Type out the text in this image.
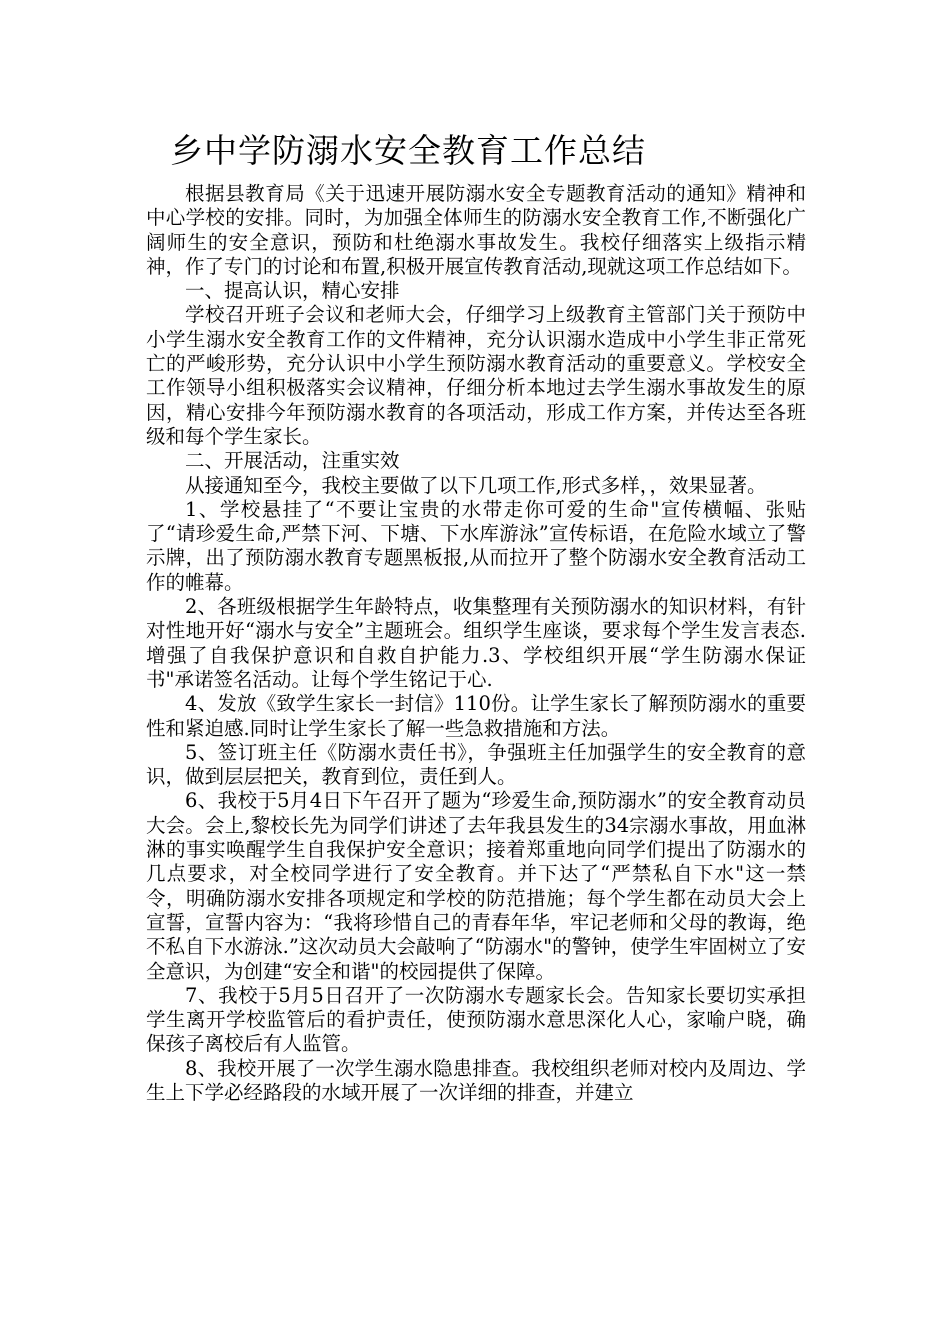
乡中学防溺水安全教育工作总结

根据县教育局《关于迅速开展防溺水安全专题教育活动的通知》精神和中心学校的安排。同时，为加强全体师生的防溺水安全教育工作,不断强化广阔师生的安全意识，预防和杜绝溺水事故发生。我校仔细落实上级指示精神，作了专门的讨论和布置,积极开展宣传教育活动,现就这项工作总结如下。

一、提高认识，精心安排

学校召开班子会议和老师大会，仔细学习上级教育主管部门关于预防中小学生溺水安全教育工作的文件精神，充分认识溺水造成中小学生非正常死亡的严峻形势，充分认识中小学生预防溺水教育活动的重要意义。学校安全工作领导小组积极落实会议精神，仔细分析本地过去学生溺水事故发生的原因，精心安排今年预防溺水教育的各项活动，形成工作方案，并传达至各班级和每个学生家长。

二、开展活动，注重实效

从接通知至今，我校主要做了以下几项工作,形式多样，，效果显著。

1、学校悬挂了“不要让宝贵的水带走你可爱的生命"宣传横幅、张贴了“请珍爱生命,严禁下河、下塘、下水库游泳”宣传标语，在危险水域立了警示牌，出了预防溺水教育专题黑板报,从而拉开了整个防溺水安全教育活动工作的帷幕。

2、各班级根据学生年龄特点，收集整理有关预防溺水的知识材料，有针对性地开好“溺水与安全”主题班会。组织学生座谈，要求每个学生发言表态.增强了自我保护意识和自救自护能力.3、学校组织开展“学生防溺水保证书"承诺签名活动。让每个学生铭记于心.

4、发放《致学生家长一封信》110份。让学生家长了解预防溺水的重要性和紧迫感.同时让学生家长了解一些急救措施和方法。

5、签订班主任《防溺水责任书》，争强班主任加强学生的安全教育的意识，做到层层把关，教育到位，责任到人。

6、我校于5月4日下午召开了题为“珍爱生命,预防溺水”的安全教育动员大会。会上,黎校长先为同学们讲述了去年我县发生的34宗溺水事故，用血淋淋的事实唤醒学生自我保护安全意识；接着郑重地向同学们提出了防溺水的几点要求，对全校同学进行了安全教育。并下达了“严禁私自下水"这一禁令，明确防溺水安排各项规定和学校的防范措施；每个学生都在动员大会上宣誓，宣誓内容为：“我将珍惜自己的青春年华，牢记老师和父母的教诲，绝不私自下水游泳.”这次动员大会敲响了“防溺水"的警钟，使学生牢固树立了安全意识，为创建“安全和谐"的校园提供了保障。

7、我校于5月5日召开了一次防溺水专题家长会。告知家长要切实承担学生离开学校监管后的看护责任，使预防溺水意思深化人心，家喻户晓，确保孩子离校后有人监管。

8、我校开展了一次学生溺水隐患排查。我校组织老师对校内及周边、学生上下学必经路段的水域开展了一次详细的排查，并建立
